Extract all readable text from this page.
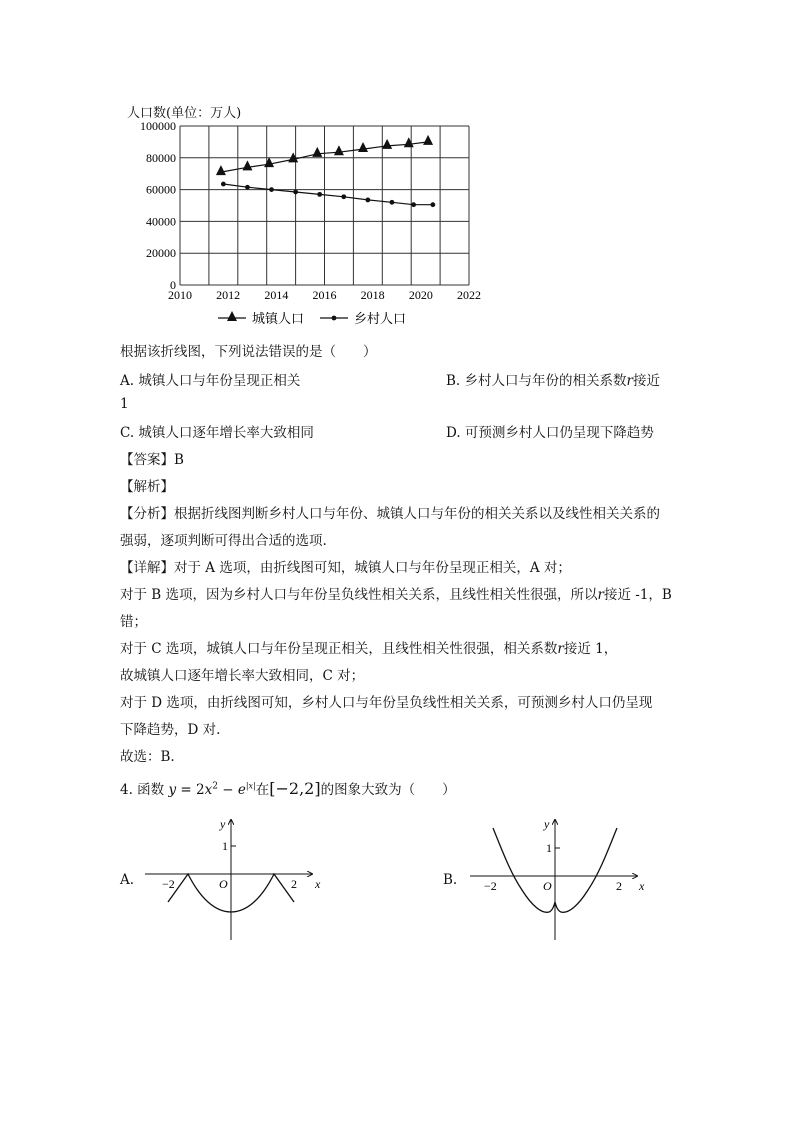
人口数(单位：万人)
0
20000
40000
60000
80000
100000
2010 2012 2014 2016 2018 2020 2022
城镇人口	乡村人口
根据该折线图，下列说法错误的是（　　）
A. 城镇人口与年份呈现正相关	B. 乡村人口与年份的相关系数r接近
1
C. 城镇人口逐年增长率大致相同	D. 可预测乡村人口仍呈现下降趋势
【答案】B
【解析】
【分析】根据折线图判断乡村人口与年份、城镇人口与年份的相关关系以及线性相关关系的
强弱，逐项判断可得出合适的选项.
【详解】对于 A 选项，由折线图可知，城镇人口与年份呈现正相关，A 对；
对于 B 选项，因为乡村人口与年份呈负线性相关关系，且线性相关性很强，所以r接近 -1，B
错；
对于 C 选项，城镇人口与年份呈现正相关，且线性相关性很强，相关系数r接近 1，
故城镇人口逐年增长率大致相同，C 对；
对于 D 选项，由折线图可知，乡村人口与年份呈负线性相关关系，可预测乡村人口仍呈现
下降趋势，D 对.
故选：B.
4. 函数 $y = 2x^2 - e^{|x|}$在[−2,2]的图象大致为（　　）
A.
y
1
O
−2	2 x	B.
y
1
O
−2	2 x
